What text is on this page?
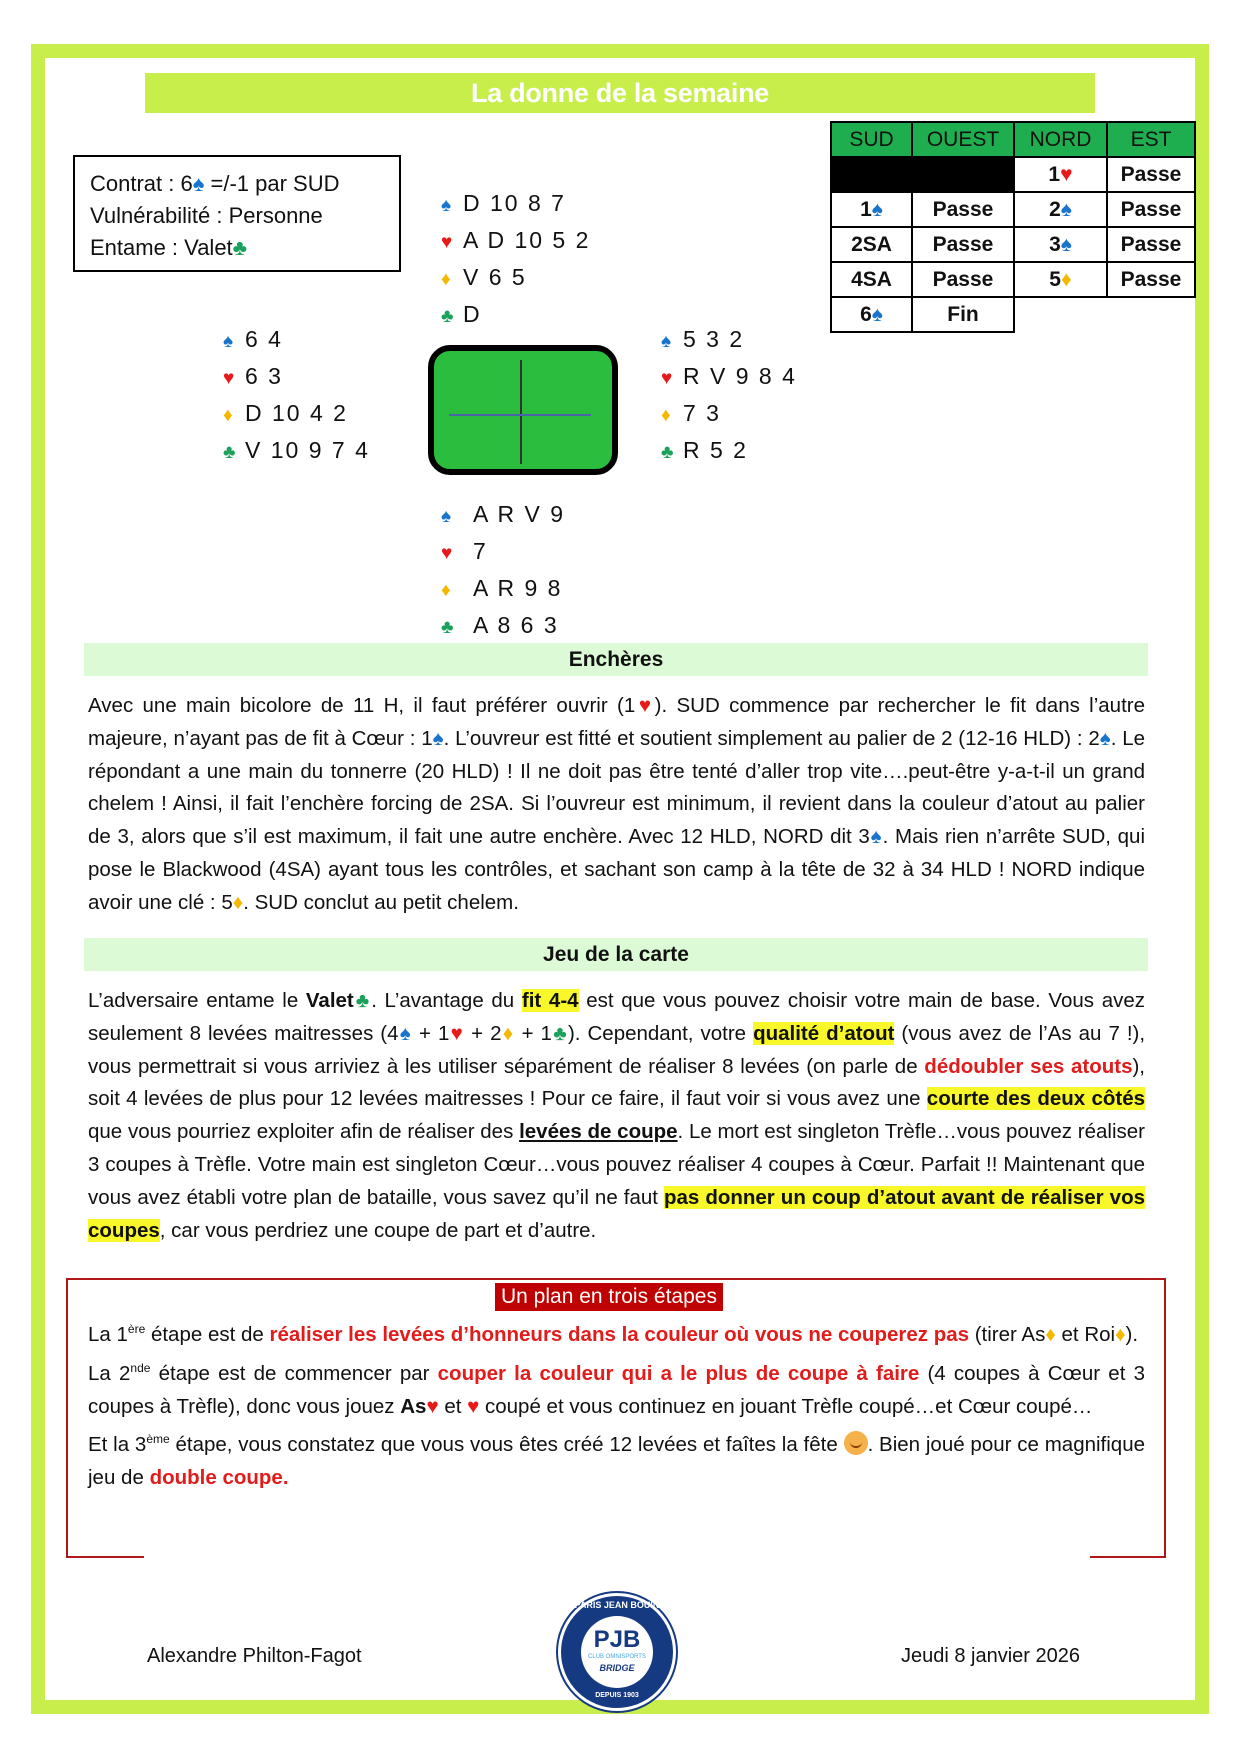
La donne de la semaine
Contrat : 6♠ =/-1 par SUD
Vulnérabilité : Personne
Entame : Valet♣
♠ D 10 8 7
♥ A D 10 5 2
♦ V 6 5
♣ D
♠ 6 4
♥ 6 3
♦ D 10 4 2
♣ V 10 9 7 4
♠ 5 3 2
♥ R V 9 8 4
♦ 7 3
♣ R 5 2
♠ A R V 9
♥ 7
♦ A R 9 8
♣ A 8 6 3
SUD	OUEST	NORD	EST
		1♥	Passe
1♠	Passe	2♠	Passe
2SA	Passe	3♠	Passe
4SA	Passe	5♦	Passe
6♠	Fin		
Enchères
Avec une main bicolore de 11 H, il faut préférer ouvrir (1♥). SUD commence par rechercher le fit dans l’autre majeure, n’ayant pas de fit à Cœur : 1♠. L’ouvreur est fitté et soutient simplement au palier de 2 (12-16 HLD) : 2♠. Le répondant a une main du tonnerre (20 HLD) ! Il ne doit pas être tenté d’aller trop vite….peut-être y-a-t-il un grand chelem ! Ainsi, il fait l’enchère forcing de 2SA. Si l’ouvreur est minimum, il revient dans la couleur d’atout au palier de 3, alors que s’il est maximum, il fait une autre enchère. Avec 12 HLD, NORD dit 3♠. Mais rien n’arrête SUD, qui pose le Blackwood (4SA) ayant tous les contrôles, et sachant son camp à la tête de 32 à 34 HLD ! NORD indique avoir une clé : 5♦. SUD conclut au petit chelem.
Jeu de la carte
L’adversaire entame le Valet♣. L’avantage du fit 4-4 est que vous pouvez choisir votre main de base. Vous avez seulement 8 levées maitresses (4♠ + 1♥ + 2♦ + 1♣). Cependant, votre qualité d’atout (vous avez de l’As au 7 !), vous permettrait si vous arriviez à les utiliser séparément de réaliser 8 levées (on parle de dédoubler ses atouts), soit 4 levées de plus pour 12 levées maitresses ! Pour ce faire, il faut voir si vous avez une courte des deux côtés que vous pourriez exploiter afin de réaliser des levées de coupe. Le mort est singleton Trèfle…vous pouvez réaliser 3 coupes à Trèfle. Votre main est singleton Cœur…vous pouvez réaliser 4 coupes à Cœur. Parfait !! Maintenant que vous avez établi votre plan de bataille, vous savez qu’il ne faut pas donner un coup d’atout avant de réaliser vos coupes, car vous perdriez une coupe de part et d’autre.
Un plan en trois étapes
La 1ère étape est de réaliser les levées d’honneurs dans la couleur où vous ne couperez pas (tirer As♦ et Roi♦).
La 2nde étape est de commencer par couper la couleur qui a le plus de coupe à faire (4 coupes à Cœur et 3 coupes à Trèfle), donc vous jouez As♥ et ♥ coupé et vous continuez en jouant Trèfle coupé…et Cœur coupé…
Et la 3ème étape, vous constatez que vous vous êtes créé 12 levées et faîtes la fête . Bien joué pour ce magnifique jeu de double coupe.
Alexandre Philton-Fagot
PARIS JEAN BOUIN
PJB
CLUB OMNISPORTS
BRIDGE
DEPUIS 1903
Jeudi 8 janvier 2026
